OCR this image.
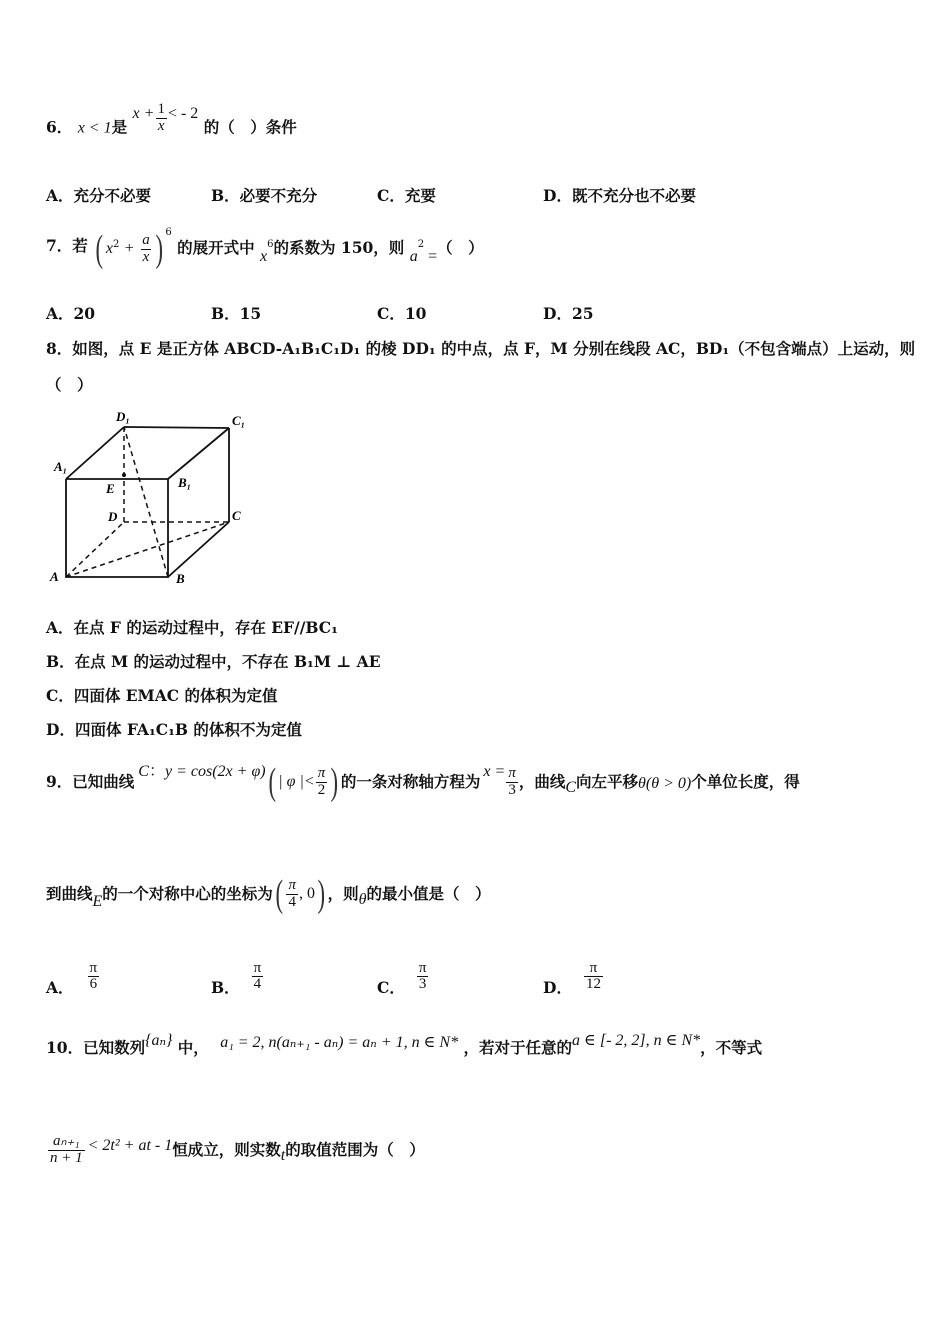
6． x < 1是 $x + \frac{1}{x}$ < - 2 的（　）条件
A．充分不必要	B．必要不充分	C．充要	D．既不充分也不必要
7．若 ( $x^2 + \frac{a}{x}$ ) $^6$ 的展开式中 $x^6$的系数为 150，则 $a^2$ =（　）
A．20	B．15	C．10	D．25
8．如图，点 E 是正方体 ABCD-A₁B₁C₁D₁ 的棱 DD₁ 的中点，点 F，M 分别在线段 AC，BD₁（不包含端点）上运动，则
（　）
D₁	C₁
A₁
B₁
E
D	C
A	B
A．在点 F 的运动过程中，存在 EF//BC₁
B．在点 M 的运动过程中，不存在 B₁M ⊥ AE
C．四面体 EMAC 的体积为定值
D．四面体 FA₁C₁B 的体积不为定值
9．已知曲线
C ： y = cos(2x + φ) ( | φ |< $\frac{\pi}{2}$ ) 的一条对称轴方程为
$x = \frac{\pi}{3}$ ，曲线 C 向左平移 θ(θ > 0) 个单位长度，得
到曲线 E 的一个对称中心的坐标为 ( $\frac{\pi}{4}$ , 0 ) ，则 θ 的最小值是（　）
A． $\frac{\pi}{6}$	B． $\frac{\pi}{4}$	C． $\frac{\pi}{3}$	D． $\frac{\pi}{12}$
10．已知数列{aₙ} 中， a₁ = 2, n(aₙ₊₁ - aₙ) = aₙ + 1, n ∈ N* ，若对于任意的a ∈ [- 2, 2], n ∈ N*，不等式
$\frac{\text{aₙ₊₁}}{n + 1} < 2t^2$ + at - 1 恒成立，则实数 t 的取值范围为（　）
